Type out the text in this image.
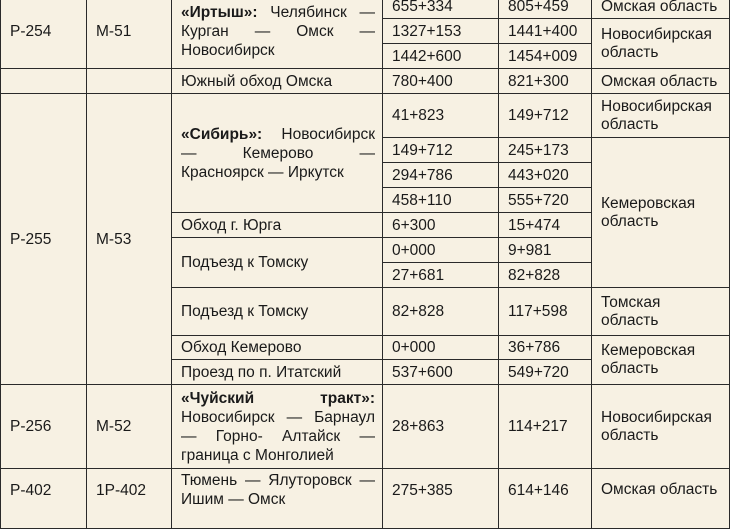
Р-254	М-51	«Иртыш»: Челябинск — Курган — Омск — Новосибирск	655+334	805+459	Омская область
			1327+153	1441+400	Новосибирская область
			1442+600	1454+009	
		Южный обход Омска	780+400	821+300	Омская область
Р-255	М-53	«Сибирь»: Новосибирск — Кемерово — Красноярск — Иркутск	41+823	149+712	Новосибирская область
			149+712	245+173	Кемеровская область
			294+786	443+020	
			458+110	555+720	
		Обход г. Юрга	6+300	15+474	
		Подъезд к Томску	0+000	9+981	
			27+681	82+828	
		Подъезд к Томску	82+828	117+598	Томская область
		Обход Кемерово	0+000	36+786	Кемеровская область
		Проезд по п. Итатский	537+600	549+720	
Р-256	М-52	«Чуйский тракт»: Новосибирск — Барнаул — Горно- Алтайск — граница с Монголией	28+863	114+217	Новосибирская область
Р-402	1Р-402	Тюмень — Ялуторовск — Ишим — Омск	275+385	614+146	Омская область
